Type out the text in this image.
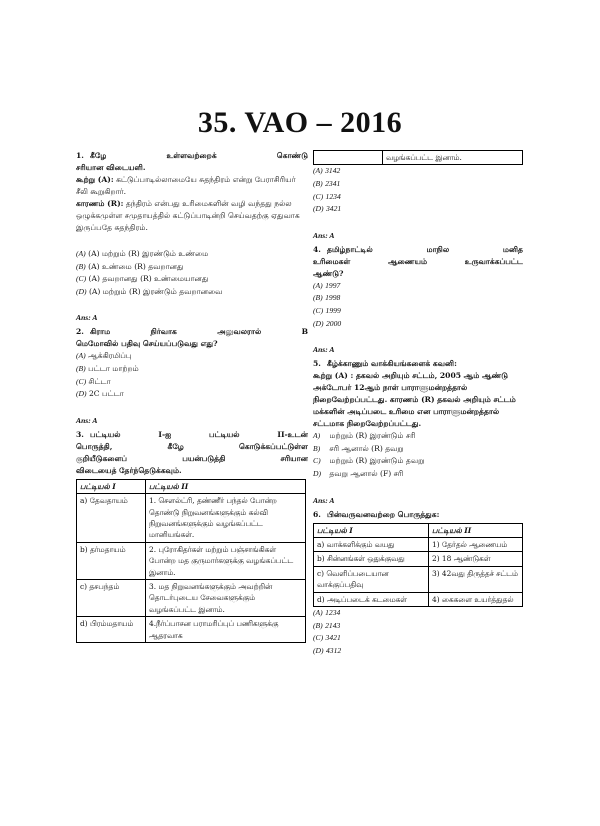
35. VAO – 2016

1. கீழே	உள்ளவற்றைக்	கொண்டு

சரியான விடையளி.

கூற்று (A): கட்டுப்பாடில்லாமையே சுதந்திரம் என்று பேராசிரியர் சீலி கூறுகிறார்.

காரணம் (R): தந்திரம் என்பது உரிமைகளின் வழி வந்தது நல்ல ஒழுக்கமுள்ள சமுதாயத்தில் கட்டுப்பாடின்றி செய்வதற்கு ஏதுவாக இருப்பதே சுதந்திரம்.

(A) (A) மற்றும் (R) இரண்டும் உண்மை

(B) (A) உண்மை (R) தவறானது

(C) (A) தவறானது (R) உண்மையானது

(D) (A) மற்றும் (R) இரண்டும் தவறானவை

Ans: A

2. கிராம	நிர்வாக	அலுவலரால்	B

மெமோவில் பதிவு செய்யப்படுவது எது?

(A) ஆக்கிரமிப்பு

(B) பட்டா மாற்றம்

(C) சிட்டா

(D) 2C பட்டா

Ans: A

3. பட்டியல்	I-ஐ	பட்டியல்	II-உடன்

பொருத்தி,	கீழே	கொடுக்கப்பட்டுள்ள

குறியீடுகளைப்	பயன்படுத்தி	சரியான

விடையைத் தேர்ந்தெடுக்கவும்.

பட்டியல் I	பட்டியல் II
a) தேவதாயம்	1. சௌல்ட்ரி, தண்ணீர் பந்தல் போன்ற தொண்டு நிறுவனங்களுக்கும் கல்வி நிறுவனங்களுக்கும் வழங்கப்பட்ட மானியங்கள்.
b) தர்மதாயம்	2. புரோகிதர்கள் மற்றும் பஞ்சாங்கிகள் போன்ற மத குருமார்களுக்கு வழங்கப்பட்ட இனாம்.
c) தசபந்தம்	3. மத நிறுவனங்களுக்கும் அவற்றின் தொடர்புடைய சேவைகளுக்கும் வழங்கப்பட்ட இனாம்.
d) பிரம்மதாயம்	4.நீர்ப்பாசன பராமரிப்புப் பணிகளுக்கு ஆதரவாக
	வழங்கப்பட்ட இனாம்.

(A) 3142

(B) 2341

(C) 1234

(D) 3421

Ans: A

4. தமிழ்நாட்டில்	மாநில	மனித

உரிமைகள்	ஆணையம்	உருவாக்கப்பட்ட

ஆண்டு?

(A) 1997

(B) 1998

(C) 1999

(D) 2000

Ans: A

5. கீழ்க்காணும் வாக்கியங்களைக் கவனி:

கூற்று (A) : தகவல் அறியும் சட்டம், 2005 ஆம் ஆண்டு அக்டோபர் 12ஆம் நாள் பாராளுமன்றத்தால் நிறைவேற்றப்பட்டது. காரணம் (R) தகவல் அறியும் சட்டம் மக்களின் அடிப்படை உரிமை என பாராளுமன்றத்தால் சட்டமாக நிறைவேற்றப்பட்டது.

A) மற்றும் (R) இரண்டும் சரி

B) சரி ஆனால் (R) தவறு

C) மற்றும் (R) இரண்டும் தவறு

D) தவறு ஆனால் (F) சரி

Ans: A

6. பின்வருவனவற்றை பொருத்துக:

பட்டியல் I	பட்டியல் II
a) வாக்களிக்கும் வயது	1) தேர்தல் ஆணையம்
b) சின்னங்கள் ஒதுக்குவது	2) 18 ஆண்டுகள்
c) வெளிப்படையான வாக்குப்பதிவு	3) 42வது திருத்தச் சட்டம்
d) அடிப்படைக் கடமைகள்	4) கைகளை உயர்த்துதல்

(A) 1234

(B) 2143

(C) 3421

(D) 4312
